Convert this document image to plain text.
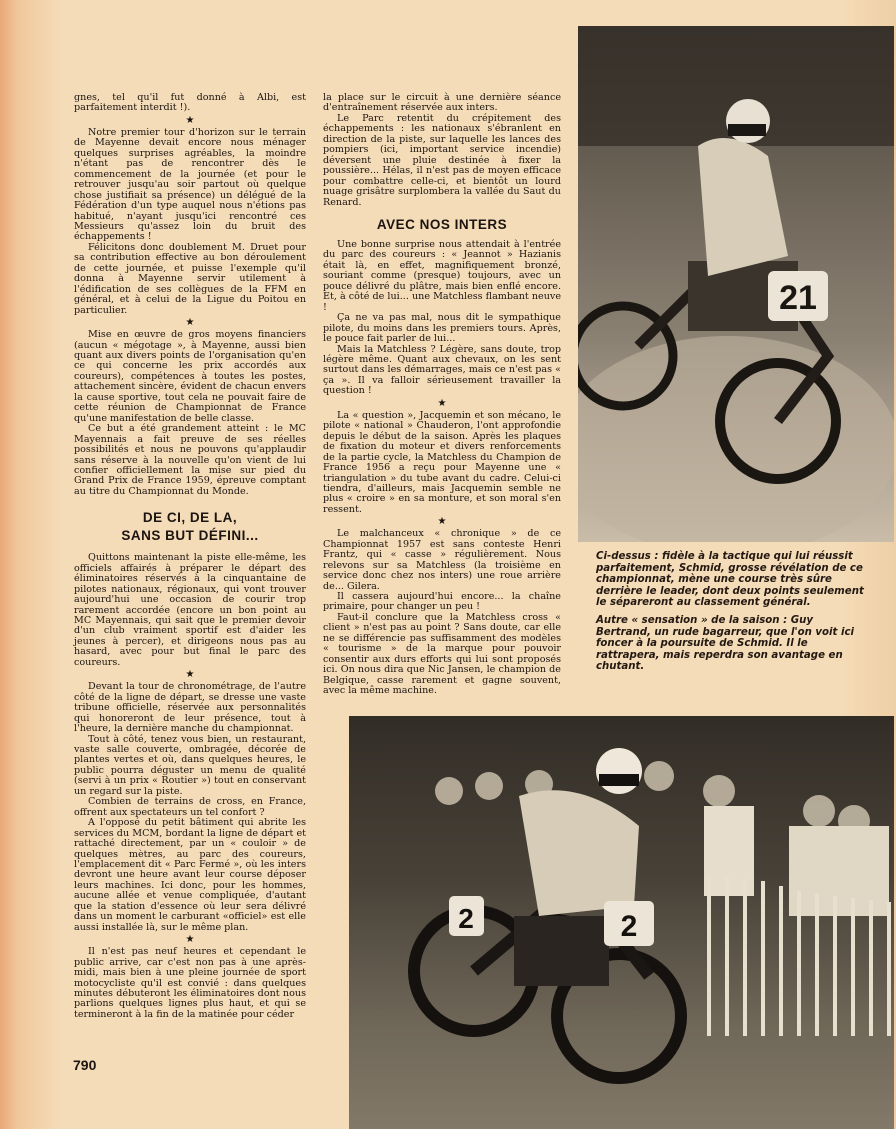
gnes, tel qu'il fut donné à Albi, est parfaitement interdit !).

★

Notre premier tour d'horizon sur le terrain de Mayenne devait encore nous ménager quelques surprises agréables, la moindre n'étant pas de rencontrer dès le commencement de la journée (et pour le retrouver jusqu'au soir partout où quelque chose justifiait sa présence) un délégué de la Fédération d'un type auquel nous n'étions pas habitué, n'ayant jusqu'ici rencontré ces Messieurs qu'assez loin du bruit des échappements !

Félicitons donc doublement M. Druet pour sa contribution effective au bon déroulement de cette journée, et puisse l'exemple qu'il donna à Mayenne servir utilement à l'édification de ses collègues de la FFM en général, et à celui de la Ligue du Poitou en particulier.

★

Mise en œuvre de gros moyens financiers (aucun « mégotage », à Mayenne, aussi bien quant aux divers points de l'organisation qu'en ce qui concerne les prix accordés aux coureurs), compétences à toutes les postes, attachement sincère, évident de chacun envers la cause sportive, tout cela ne pouvait faire de cette réunion de Championnat de France qu'une manifestation de belle classe.

Ce but a été grandement atteint : le MC Mayennais a fait preuve de ses réelles possibilités et nous ne pouvons qu'applaudir sans réserve à la nouvelle qu'on vient de lui confier officiellement la mise sur pied du Grand Prix de France 1959, épreuve comptant au titre du Championnat du Monde.

DE CI, DE LA,
SANS BUT DÉFINI...

Quittons maintenant la piste elle-même, les officiels affairés à préparer le départ des éliminatoires réservés à la cinquantaine de pilotes nationaux, régionaux, qui vont trouver aujourd'hui une occasion de courir trop rarement accordée (encore un bon point au MC Mayennais, qui sait que le premier devoir d'un club vraiment sportif est d'aider les jeunes à percer), et dirigeons nous pas au hasard, avec pour but final le parc des coureurs.

★

Devant la tour de chronométrage, de l'autre côté de la ligne de départ, se dresse une vaste tribune officielle, réservée aux personnalités qui honoreront de leur présence, tout à l'heure, la dernière manche du championnat.

Tout à côté, tenez vous bien, un restaurant, vaste salle couverte, ombragée, décorée de plantes vertes et où, dans quelques heures, le public pourra déguster un menu de qualité (servi à un prix « Routier ») tout en conservant un regard sur la piste.

Combien de terrains de cross, en France, offrent aux spectateurs un tel confort ?

A l'opposé du petit bâtiment qui abrite les services du MCM, bordant la ligne de départ et rattaché directement, par un « couloir » de quelques mètres, au parc des coureurs, l'emplacement dit « Parc Fermé », où les inters devront une heure avant leur course déposer leurs machines. Ici donc, pour les hommes, aucune allée et venue compliquée, d'autant que la station d'essence où leur sera délivré dans un moment le carburant «officiel» est elle aussi installée là, sur le même plan.

★

Il n'est pas neuf heures et cependant le public arrive, car c'est non pas à une après-midi, mais bien à une pleine journée de sport motocycliste qu'il est convié : dans quelques minutes débuteront les éliminatoires dont nous parlions quelques lignes plus haut, et qui se termineront à la fin de la matinée pour céder

la place sur le circuit à une dernière séance d'entraînement réservée aux inters.

Le Parc retentit du crépitement des échappements : les nationaux s'ébranlent en direction de la piste, sur laquelle les lances des pompiers (ici, important service incendie) déversent une pluie destinée à fixer la poussière... Hélas, il n'est pas de moyen efficace pour combattre celle-ci, et bientôt un lourd nuage grisâtre surplombera la vallée du Saut du Renard.

AVEC NOS INTERS

Une bonne surprise nous attendait à l'entrée du parc des coureurs : « Jeannot » Hazianis était là, en effet, magnifiquement bronzé, souriant comme (presque) toujours, avec un pouce délivré du plâtre, mais bien enflé encore. Et, à côté de lui... une Matchless flambant neuve !

Ça ne va pas mal, nous dit le sympathique pilote, du moins dans les premiers tours. Après, le pouce fait parler de lui...

Mais la Matchless ? Légère, sans doute, trop légère même. Quant aux chevaux, on les sent surtout dans les démarrages, mais ce n'est pas « ça ». Il va falloir sérieusement travailler la question !

★

La « question », Jacquemin et son mécano, le pilote « national » Chauderon, l'ont approfondie depuis le début de la saison. Après les plaques de fixation du moteur et divers renforcements de la partie cycle, la Matchless du Champion de France 1956 a reçu pour Mayenne une « triangulation » du tube avant du cadre. Celui-ci tiendra, d'ailleurs, mais Jacquemin semble ne plus « croire » en sa monture, et son moral s'en ressent.

★

Le malchanceux « chronique » de ce Championnat 1957 est sans conteste Henri Frantz, qui « casse » régulièrement. Nous relevons sur sa Matchless (la troisième en service donc chez nos inters) une roue arrière de... Gilera.

Il cassera aujourd'hui encore... la chaîne primaire, pour changer un peu !

Faut-il conclure que la Matchless cross « client » n'est pas au point ? Sans doute, car elle ne se différencie pas suffisamment des modèles « tourisme » de la marque pour pouvoir consentir aux durs efforts qui lui sont proposés ici. On nous dira que Nic Jansen, le champion de Belgique, casse rarement et gagne souvent, avec la même machine.

21

Ci-dessus : fidèle à la tactique qui lui réussit parfaitement, Schmid, grosse révélation de ce championnat, mène une course très sûre derrière le leader, dont deux points seulement le sépareront au classement général.

Autre « sensation » de la saison : Guy Bertrand, un rude bagarreur, que l'on voit ici foncer à la poursuite de Schmid. Il le rattrapera, mais reperdra son avantage en chutant.

2
2
790
